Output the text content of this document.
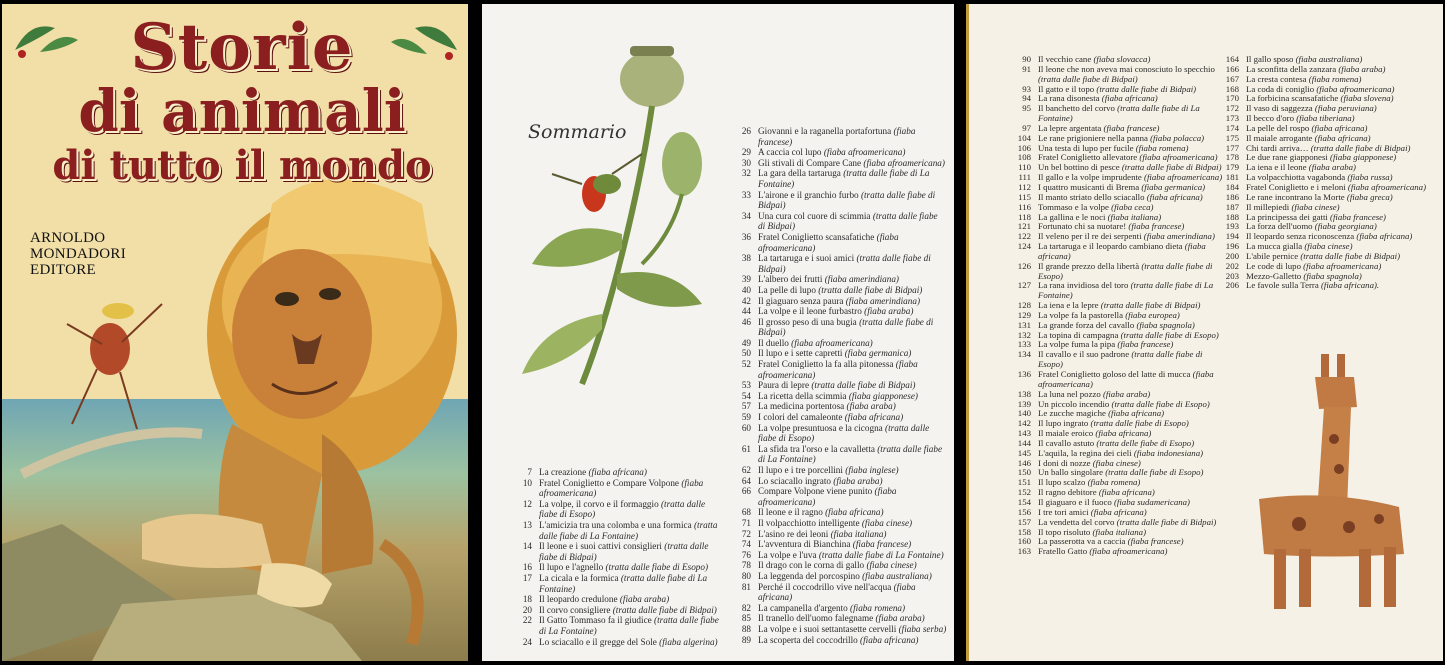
Storie
di animali
di tutto il mondo
ARNOLDO
MONDADORI
EDITORE
Sommario
7 La creazione (fiaba africana)
10 Fratel Coniglietto e Compare Volpone (fiaba afroamericana)
12 La volpe, il corvo e il formaggio (tratta dalle fiabe di Esopo)
13 L'amicizia tra una colomba e una formica (tratta dalle fiabe di La Fontaine)
14 Il leone e i suoi cattivi consiglieri (tratta dalle fiabe di Bidpai)
16 Il lupo e l'agnello (tratta dalle fiabe di Esopo)
17 La cicala e la formica (tratta dalle fiabe di La Fontaine)
18 Il leopardo credulone (fiaba araba)
20 Il corvo consigliere (tratta dalle fiabe di Bidpai)
22 Il Gatto Tommaso fa il giudice (tratta dalle fiabe di La Fontaine)
24 Lo sciacallo e il gregge del Sole (fiaba algerina)
26 Giovanni e la raganella portafortuna (fiaba francese)
29 A caccia col lupo (fiaba afroamericana)
30 Gli stivali di Compare Cane (fiaba afroamericana)
32 La gara della tartaruga (tratta dalle fiabe di La Fontaine)
33 L'airone e il granchio furbo (tratta dalle fiabe di Bidpai)
34 Una cura col cuore di scimmia (tratta dalle fiabe di Bidpai)
36 Fratel Coniglietto scansafatiche (fiaba afroamericana)
38 La tartaruga e i suoi amici (tratta dalle fiabe di Bidpai)
39 L'albero dei frutti (fiaba amerindiana)
40 La pelle di lupo (tratta dalle fiabe di Bidpai)
42 Il giaguaro senza paura (fiaba amerindiana)
44 La volpe e il leone furbastro (fiaba araba)
46 Il grosso peso di una bugia (tratta dalle fiabe di Bidpai)
49 Il duello (fiaba afroamericana)
50 Il lupo e i sette capretti (fiaba germanica)
52 Fratel Coniglietto la fa alla pitonessa (fiaba afroamericana)
53 Paura di lepre (tratta dalle fiabe di Bidpai)
54 La ricetta della scimmia (fiaba giapponese)
57 La medicina portentosa (fiaba araba)
59 I colori del camaleonte (fiaba africana)
60 La volpe presuntuosa e la cicogna (tratta dalle fiabe di Esopo)
61 La sfida tra l'orso e la cavalletta (tratta dalle fiabe di La Fontaine)
62 Il lupo e i tre porcellini (fiaba inglese)
64 Lo sciacallo ingrato (fiaba araba)
66 Compare Volpone viene punito (fiaba afroamericana)
68 Il leone e il ragno (fiaba africana)
71 Il volpacchiotto intelligente (fiaba cinese)
72 L'asino re dei leoni (fiaba italiana)
74 L'avventura di Bianchina (fiaba francese)
76 La volpe e l'uva (tratta dalle fiabe di La Fontaine)
78 Il drago con le corna di gallo (fiaba cinese)
80 La leggenda del porcospino (fiaba australiana)
81 Perché il coccodrillo vive nell'acqua (fiaba africana)
82 La campanella d'argento (fiaba romena)
85 Il tranello dell'uomo falegname (fiaba araba)
88 La volpe e i suoi settantasette cervelli (fiaba serba)
89 La scoperta del coccodrillo (fiaba africana)
90 Il vecchio cane (fiaba slovacca)
91 Il leone che non aveva mai conosciuto lo specchio (tratta dalle fiabe di Bidpai)
93 Il gatto e il topo (tratta dalle fiabe di Bidpai)
94 La rana disonesta (fiaba africana)
95 Il banchetto del corvo (tratta dalle fiabe di La Fontaine)
97 La lepre argentata (fiaba francese)
104 Le rane prigioniere nella panna (fiaba polacca)
106 Una testa di lupo per fucile (fiaba romena)
108 Fratel Coniglietto allevatore (fiaba afroamericana)
110 Un bel bottino di pesce (tratta dalle fiabe di Bidpai)
111 Il gallo e la volpe imprudente (fiaba afroamericana)
112 I quattro musicanti di Brema (fiaba germanica)
115 Il manto striato dello sciacallo (fiaba africana)
116 Tommaso e la volpe (fiaba ceca)
118 La gallina e le noci (fiaba italiana)
121 Fortunato chi sa nuotare! (fiaba francese)
122 Il veleno per il re dei serpenti (fiaba amerindiana)
124 La tartaruga e il leopardo cambiano dieta (fiaba africana)
126 Il grande prezzo della libertà (tratta dalle fiabe di Esopo)
127 La rana invidiosa del toro (tratta dalle fiabe di La Fontaine)
128 La iena e la lepre (tratta dalle fiabe di Bidpai)
129 La volpe fa la pastorella (fiaba europea)
131 La grande forza del cavallo (fiaba spagnola)
132 La topina di campagna (tratta dalle fiabe di Esopo)
133 La volpe fuma la pipa (fiaba francese)
134 Il cavallo e il suo padrone (tratta dalle fiabe di Esopo)
136 Fratel Coniglietto goloso del latte di mucca (fiaba afroamericana)
138 La luna nel pozzo (fiaba araba)
139 Un piccolo incendio (tratta dalle fiabe di Esopo)
140 Le zucche magiche (fiaba africana)
142 Il lupo ingrato (tratta dalle fiabe di Esopo)
143 Il maiale eroico (fiaba africana)
144 Il cavallo astuto (tratta delle fiabe di Esopo)
145 L'aquila, la regina dei cieli (fiaba indonesiana)
146 I doni di nozze (fiaba cinese)
150 Un ballo singolare (tratta dalle fiabe di Esopo)
151 Il lupo scalzo (fiaba romena)
152 Il ragno debitore (fiaba africana)
154 Il giaguaro e il fuoco (fiaba sudamericana)
156 I tre tori amici (fiaba africana)
157 La vendetta del corvo (tratta dalle fiabe di Bidpai)
158 Il topo risoluto (fiaba italiana)
160 La passerotta va a caccia (fiaba francese)
163 Fratello Gatto (fiaba afroamericana)
164 Il gallo sposo (fiaba australiana)
166 La sconfitta della zanzara (fiaba araba)
167 La cresta contesa (fiaba romena)
168 La coda di coniglio (fiaba afroamericana)
170 La forbicina scansafatiche (fiaba slovena)
172 Il vaso di saggezza (fiaba peruviana)
173 Il becco d'oro (fiaba tiberiana)
174 La pelle del rospo (fiaba africana)
175 Il maiale arrogante (fiaba africana)
177 Chi tardi arriva… (tratta dalle fiabe di Bidpai)
178 Le due rane giapponesi (fiaba giapponese)
179 La iena e il leone (fiaba araba)
181 La volpacchiotta vagabonda (fiaba russa)
184 Fratel Coniglietto e i meloni (fiaba afroamericana)
186 Le rane incontrano la Morte (fiaba greca)
187 Il millepiedi (fiaba cinese)
188 La principessa dei gatti (fiaba francese)
193 La forza dell'uomo (fiaba georgiana)
194 Il leopardo senza riconoscenza (fiaba africana)
196 La mucca gialla (fiaba cinese)
200 L'abile pernice (tratta dalle fiabe di Bidpai)
202 Le code di lupo (fiaba afroamericana)
203 Mezzo-Galletto (fiaba spagnola)
206 Le favole sulla Terra (fiaba africana).
